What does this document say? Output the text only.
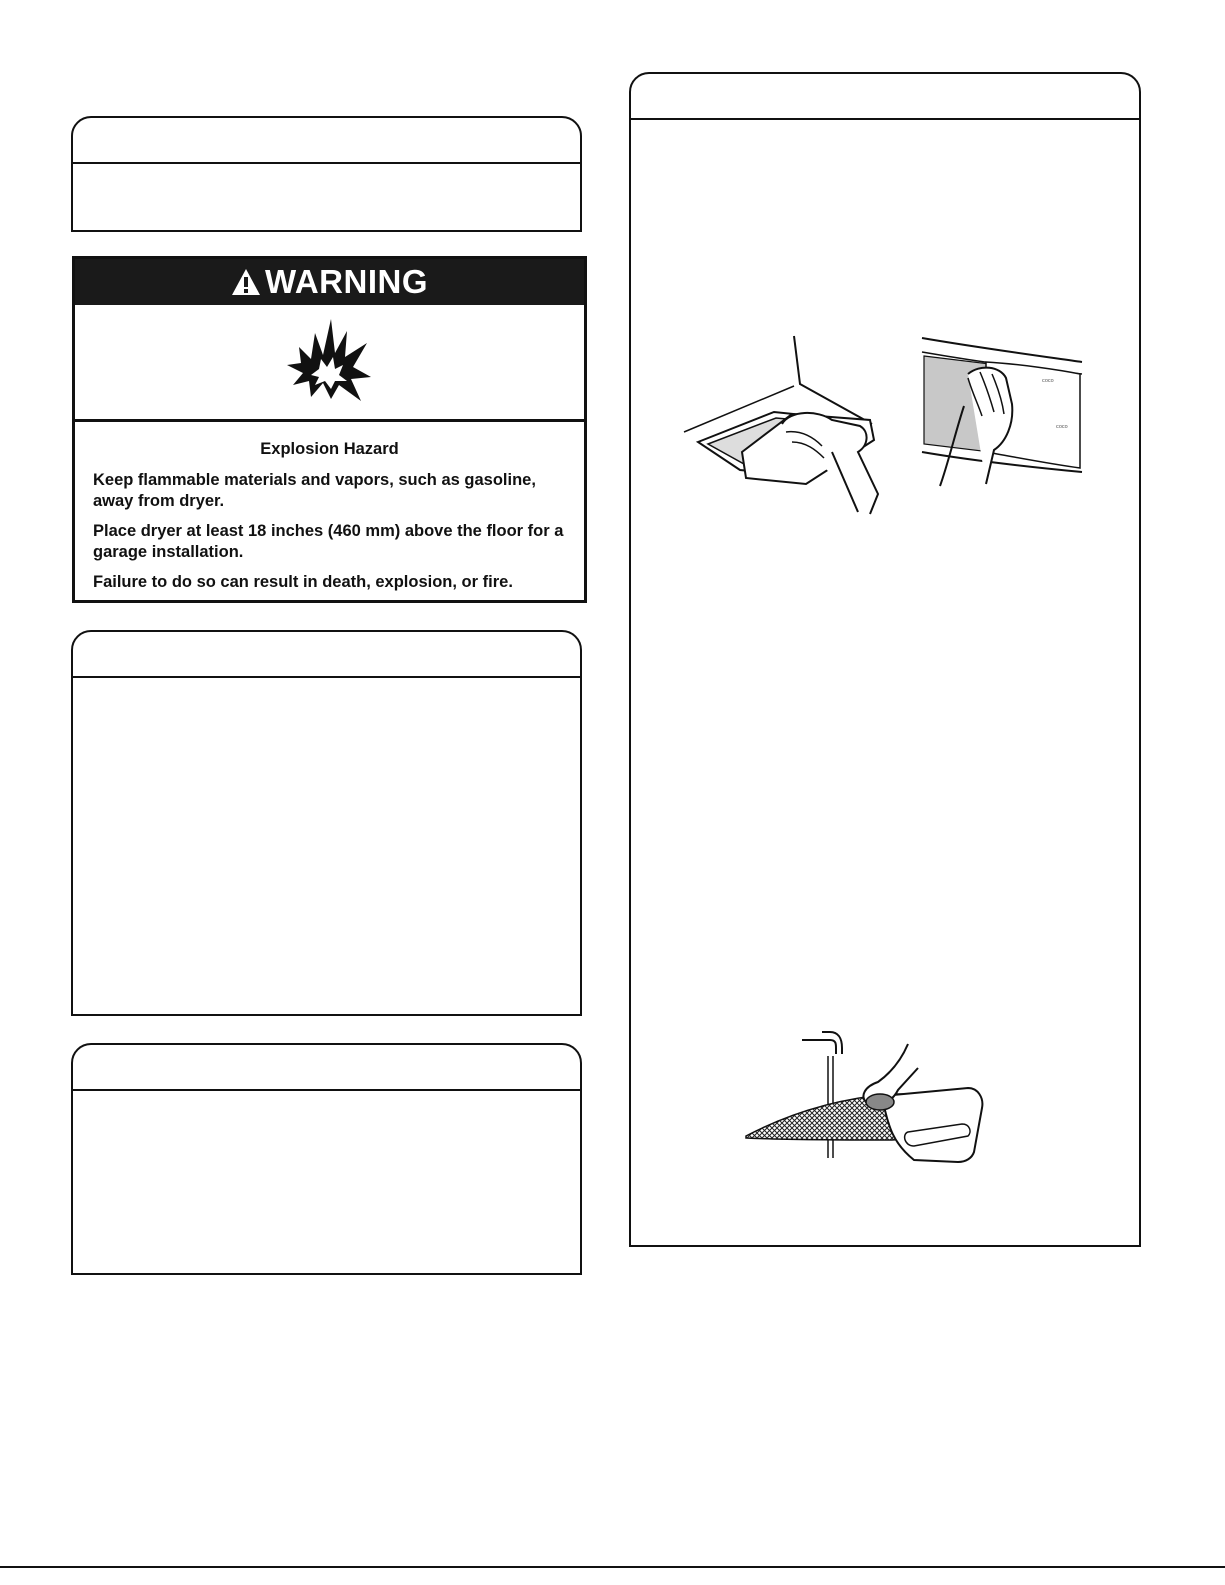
WARNING
Explosion Hazard

Keep flammable materials and vapors, such as gasoline, away from dryer.

Place dryer at least 18 inches (460 mm) above the floor for a garage installation.

Failure to do so can result in death, explosion, or fire.

ᶜᵒᶜᵒ
ᶜᵒᶜᵒ
